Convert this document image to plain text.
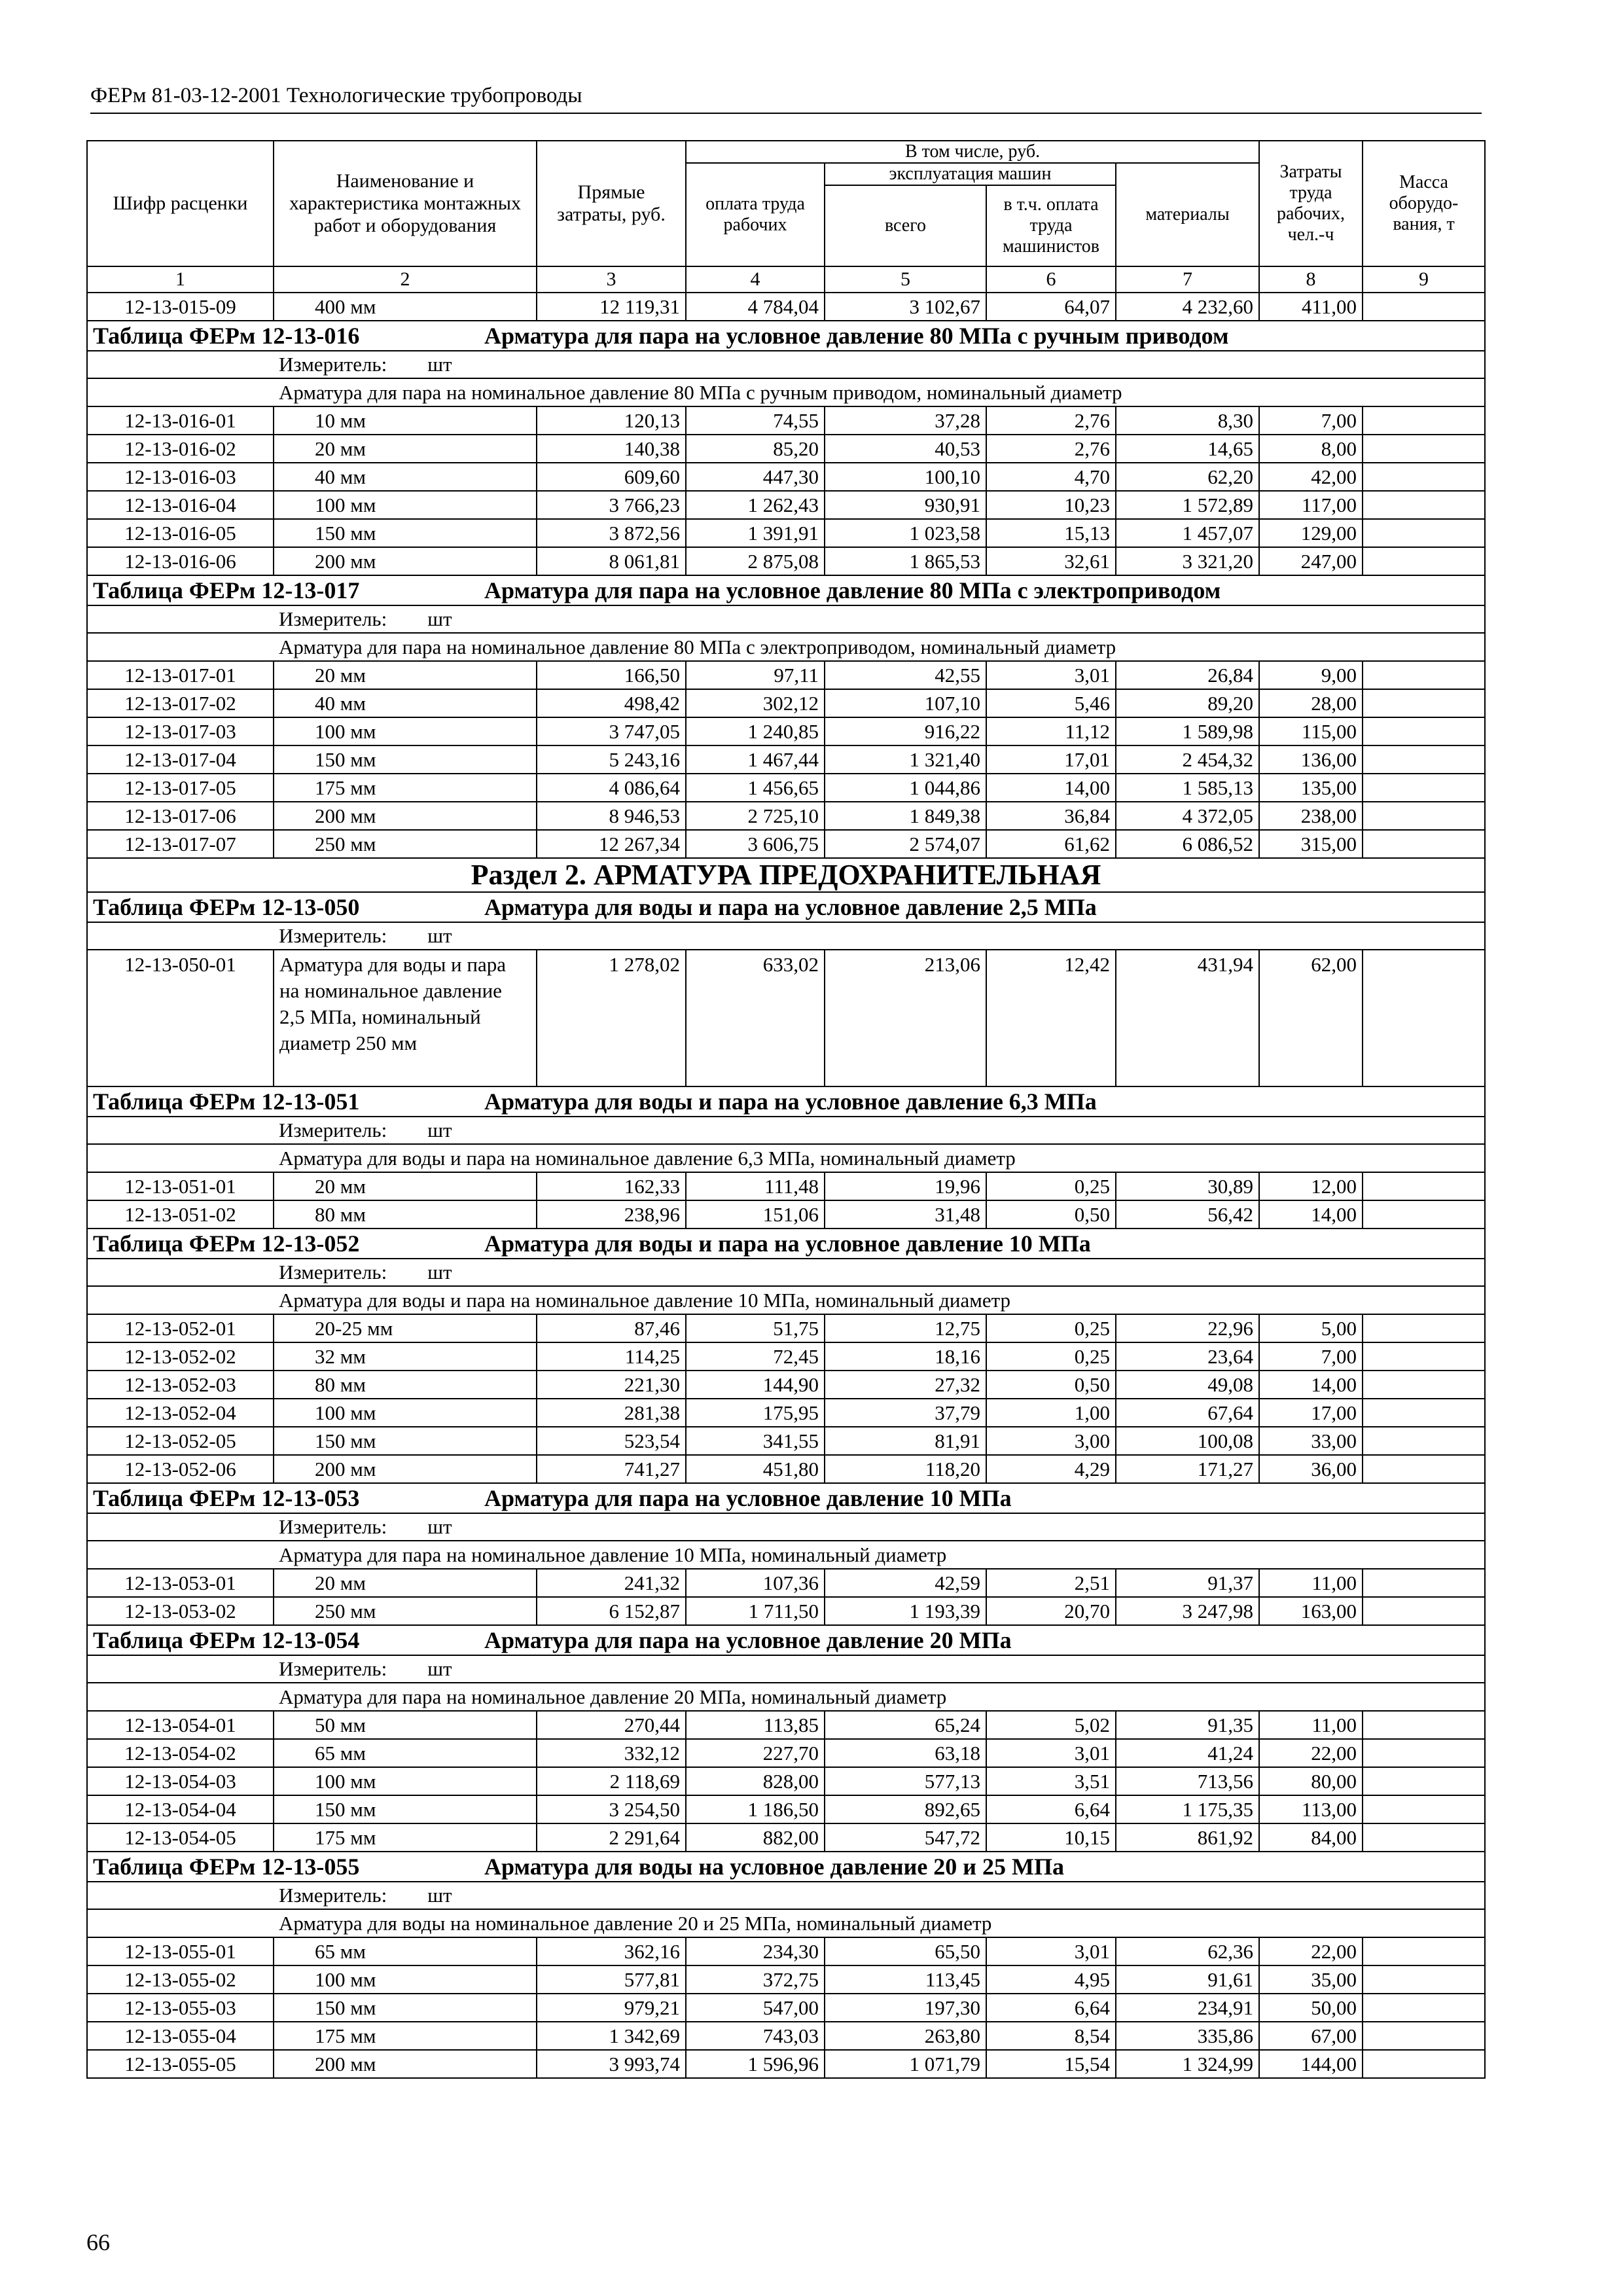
ФЕРм 81-03-12-2001 Технологические трубопроводы
Шифр расценки	Наименование и характеристика монтажных работ и оборудования	Прямые затраты, руб.	В том числе, руб.				Затраты труда рабочих, чел.-ч	Масса оборудо-вания, т
			оплата труда рабочих	эксплуатация машин		материалы		
				всего	в т.ч. оплата труда машинистов			
1	2	3	4	5	6	7	8	9
12-13-015-09	400 мм	12 119,31	4 784,04	3 102,67	64,07	4 232,60	411,00	
Таблица ФЕРм 12-13-016 Арматура для пара на условное давление 80 МПа с ручным приводом								
Измеритель: шт								
Арматура для пара на номинальное давление 80 МПа с ручным приводом, номинальный диаметр								
12-13-016-01	10 мм	120,13	74,55	37,28	2,76	8,30	7,00	
12-13-016-02	20 мм	140,38	85,20	40,53	2,76	14,65	8,00	
12-13-016-03	40 мм	609,60	447,30	100,10	4,70	62,20	42,00	
12-13-016-04	100 мм	3 766,23	1 262,43	930,91	10,23	1 572,89	117,00	
12-13-016-05	150 мм	3 872,56	1 391,91	1 023,58	15,13	1 457,07	129,00	
12-13-016-06	200 мм	8 061,81	2 875,08	1 865,53	32,61	3 321,20	247,00	
Таблица ФЕРм 12-13-017 Арматура для пара на условное давление 80 МПа с электроприводом								
Измеритель: шт								
Арматура для пара на номинальное давление 80 МПа с электроприводом, номинальный диаметр								
12-13-017-01	20 мм	166,50	97,11	42,55	3,01	26,84	9,00	
12-13-017-02	40 мм	498,42	302,12	107,10	5,46	89,20	28,00	
12-13-017-03	100 мм	3 747,05	1 240,85	916,22	11,12	1 589,98	115,00	
12-13-017-04	150 мм	5 243,16	1 467,44	1 321,40	17,01	2 454,32	136,00	
12-13-017-05	175 мм	4 086,64	1 456,65	1 044,86	14,00	1 585,13	135,00	
12-13-017-06	200 мм	8 946,53	2 725,10	1 849,38	36,84	4 372,05	238,00	
12-13-017-07	250 мм	12 267,34	3 606,75	2 574,07	61,62	6 086,52	315,00	
Раздел 2. АРМАТУРА ПРЕДОХРАНИТЕЛЬНАЯ								
Таблица ФЕРм 12-13-050 Арматура для воды и пара на условное давление 2,5 МПа								
Измеритель: шт								
12-13-050-01	Арматура для воды и пара на номинальное давление 2,5 МПа, номинальный диаметр 250 мм	1 278,02	633,02	213,06	12,42	431,94	62,00	
Таблица ФЕРм 12-13-051 Арматура для воды и пара на условное давление 6,3 МПа								
Измеритель: шт								
Арматура для воды и пара на номинальное давление 6,3 МПа, номинальный диаметр								
12-13-051-01	20 мм	162,33	111,48	19,96	0,25	30,89	12,00	
12-13-051-02	80 мм	238,96	151,06	31,48	0,50	56,42	14,00	
Таблица ФЕРм 12-13-052 Арматура для воды и пара на условное давление 10 МПа								
Измеритель: шт								
Арматура для воды и пара на номинальное давление 10 МПа, номинальный диаметр								
12-13-052-01	20-25 мм	87,46	51,75	12,75	0,25	22,96	5,00	
12-13-052-02	32 мм	114,25	72,45	18,16	0,25	23,64	7,00	
12-13-052-03	80 мм	221,30	144,90	27,32	0,50	49,08	14,00	
12-13-052-04	100 мм	281,38	175,95	37,79	1,00	67,64	17,00	
12-13-052-05	150 мм	523,54	341,55	81,91	3,00	100,08	33,00	
12-13-052-06	200 мм	741,27	451,80	118,20	4,29	171,27	36,00	
Таблица ФЕРм 12-13-053 Арматура для пара на условное давление 10 МПа								
Измеритель: шт								
Арматура для пара на номинальное давление 10 МПа, номинальный диаметр								
12-13-053-01	20 мм	241,32	107,36	42,59	2,51	91,37	11,00	
12-13-053-02	250 мм	6 152,87	1 711,50	1 193,39	20,70	3 247,98	163,00	
Таблица ФЕРм 12-13-054 Арматура для пара на условное давление 20 МПа								
Измеритель: шт								
Арматура для пара на номинальное давление 20 МПа, номинальный диаметр								
12-13-054-01	50 мм	270,44	113,85	65,24	5,02	91,35	11,00	
12-13-054-02	65 мм	332,12	227,70	63,18	3,01	41,24	22,00	
12-13-054-03	100 мм	2 118,69	828,00	577,13	3,51	713,56	80,00	
12-13-054-04	150 мм	3 254,50	1 186,50	892,65	6,64	1 175,35	113,00	
12-13-054-05	175 мм	2 291,64	882,00	547,72	10,15	861,92	84,00	
Таблица ФЕРм 12-13-055 Арматура для воды на условное давление 20 и 25 МПа								
Измеритель: шт								
Арматура для воды на номинальное давление 20 и 25 МПа, номинальный диаметр								
12-13-055-01	65 мм	362,16	234,30	65,50	3,01	62,36	22,00	
12-13-055-02	100 мм	577,81	372,75	113,45	4,95	91,61	35,00	
12-13-055-03	150 мм	979,21	547,00	197,30	6,64	234,91	50,00	
12-13-055-04	175 мм	1 342,69	743,03	263,80	8,54	335,86	67,00	
12-13-055-05	200 мм	3 993,74	1 596,96	1 071,79	15,54	1 324,99	144,00	
66
